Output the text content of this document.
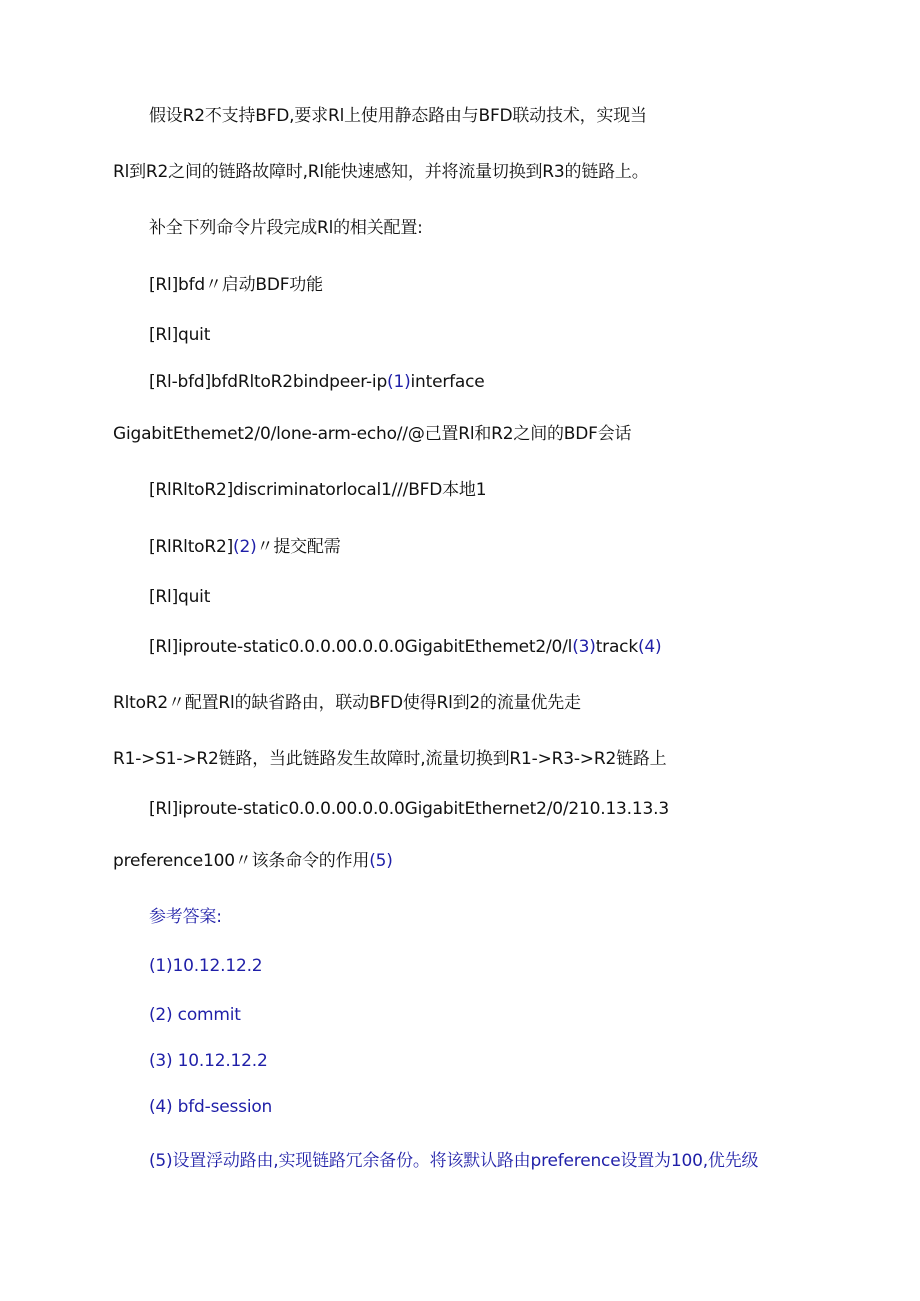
假设R2不支持BFD,要求Rl上使用静态路由与BFD联动技术，实现当
Rl到R2之间的链路故障时,Rl能快速感知，并将流量切换到R3的链路上。
补全下列命令片段完成Rl的相关配置:
[Rl]bfd〃启动BDF功能
[Rl]quit
[Rl-bfd]bfdRltoR2bindpeer-ip(1)interface
GigabitEthemet2/0/lone-arm-echo//@己置Rl和R2之间的BDF会话
[RlRltoR2]discriminatorlocal1///BFD本地1
[RlRltoR2](2)〃提交配需
[Rl]quit
[Rl]iproute-static0.0.0.00.0.0.0GigabitEthemet2/0/l(3)track(4)
RltoR2〃配置Rl的缺省路由，联动BFD使得Rl到2的流量优先走
R1->S1->R2链路，当此链路发生故障时,流量切换到R1->R3->R2链路上
[Rl]iproute-static0.0.0.00.0.0.0GigabitEthernet2/0/210.13.13.3
preference100〃该条命令的作用(5)
参考答案:
(1)10.12.12.2
(2) commit
(3) 10.12.12.2
(4) bfd-session
(5)设置浮动路由,实现链路冗余备份。将该默认路由preference设置为100,优先级
